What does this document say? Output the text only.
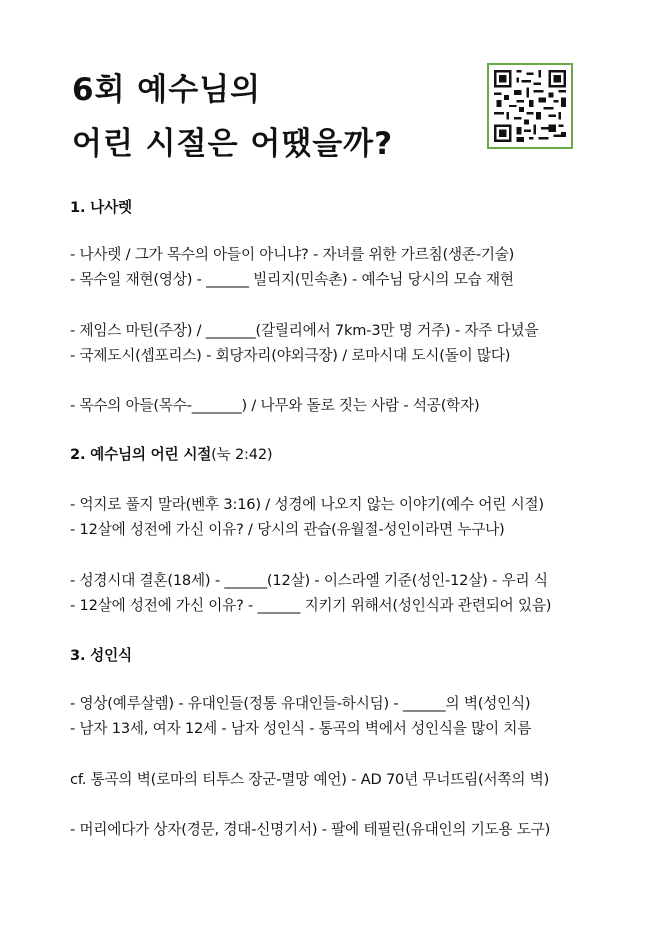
6회 예수님의
어린 시절은 어땠을까?
1. 나사렛
- 나사렛 / 그가 목수의 아들이 아니냐? - 자녀를 위한 가르침(생존-기술)
- 목수일 재현(영상) - ______ 빌리지(민속촌) - 예수님 당시의 모습 재현
- 제임스 마틴(주장) / _______(갈릴리에서 7km-3만 명 거주) - 자주 다녔을
- 국제도시(셉포리스) - 회당자리(야외극장) / 로마시대 도시(돌이 많다)
- 목수의 아들(목수-_______) / 나무와 돌로 짓는 사람 - 석공(학자)
2. 예수님의 어린 시절(눅 2:42)
- 억지로 풀지 말라(벤후 3:16) / 성경에 나오지 않는 이야기(예수 어린 시절)
- 12살에 성전에 가신 이유? / 당시의 관습(유월절-성인이라면 누구나)
- 성경시대 결혼(18세) - ______(12살) - 이스라엘 기준(성인-12살) - 우리 식
- 12살에 성전에 가신 이유? - ______ 지키기 위해서(성인식과 관련되어 있음)
3. 성인식
- 영상(예루살렘) - 유대인들(정통 유대인들-하시딤) - ______의 벽(성인식)
- 남자 13세, 여자 12세 - 남자 성인식 - 통곡의 벽에서 성인식을 많이 치름
cf. 통곡의 벽(로마의 티투스 장군-멸망 예언) - AD 70년 무너뜨림(서쪽의 벽)
- 머리에다가 상자(경문, 경대-신명기서) - 팔에 테필린(유대인의 기도용 도구)
